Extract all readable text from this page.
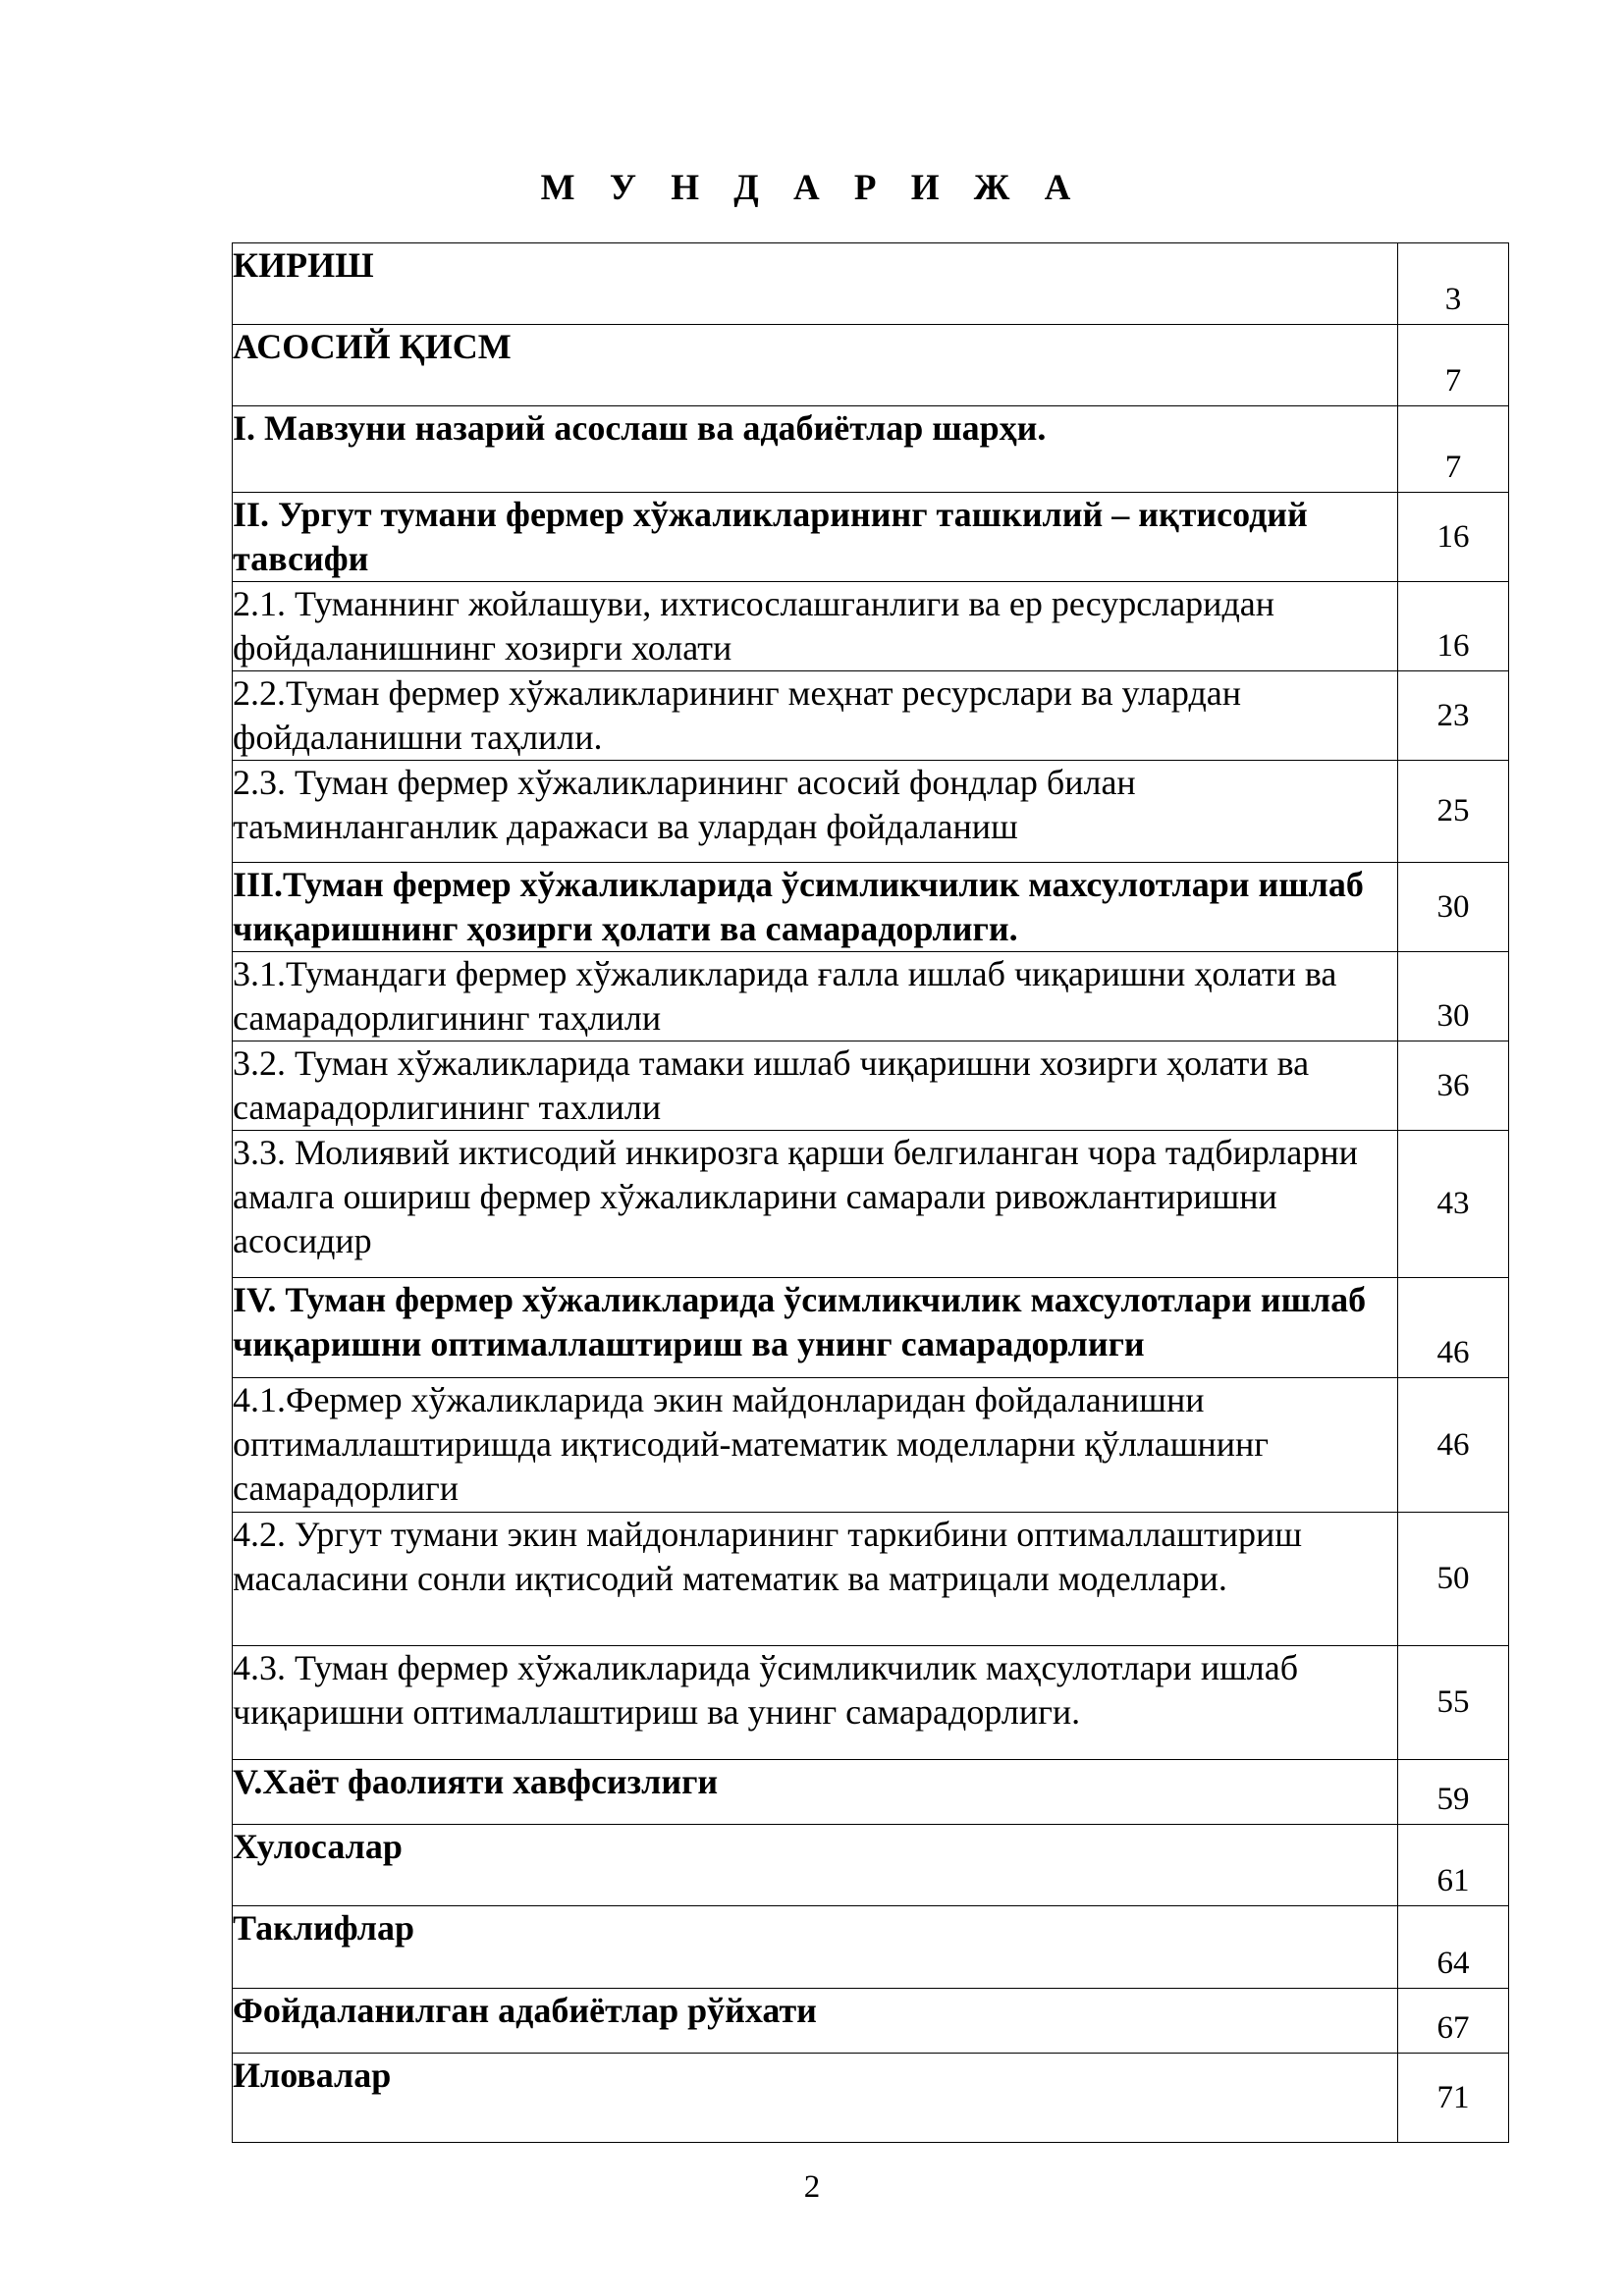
М У Н Д А Р И Ж А
КИРИШ	3
АСОСИЙ ҚИСМ	7
I. Мавзуни назарий асослаш ва адабиётлар шарҳи.	7
II. Ургут тумани фермер хўжаликларининг ташкилий – иқтисодий тавсифи	16
2.1. Туманнинг жойлашуви, ихтисослашганлиги ва ер ресурсларидан фойдаланишнинг хозирги холати	16
2.2.Туман фермер хўжаликларининг меҳнат ресурслари ва улардан фойдаланишни таҳлили.	23
2.3. Туман фермер хўжаликларининг асосий фондлар билан таъминланганлик даражаси ва улардан фойдаланиш	25
III.Туман фермер хўжаликларида ўсимликчилик махсулотлари ишлаб чиқаришнинг ҳозирги ҳолати ва самарадорлиги.	30
3.1.Тумандаги фермер хўжаликларида ғалла ишлаб чиқаришни ҳолати ва самарадорлигининг таҳлили	30
3.2. Туман хўжаликларида тамаки ишлаб чиқаришни хозирги ҳолати ва самарадорлигининг тахлили	36
3.3. Молиявий иктисодий инкирозга қарши белгиланган чора тадбирларни амалга ошириш фермер хўжаликларини самарали ривожлантиришни асосидир	43
IV. Туман фермер хўжаликларида ўсимликчилик махсулотлари ишлаб чиқаришни оптималлаштириш ва унинг самарадорлиги	46
4.1.Фермер хўжаликларида экин майдонларидан фойдаланишни оптималлаштиришда иқтисодий-математик моделларни қўллашнинг самарадорлиги	46
4.2. Ургут тумани экин майдонларининг таркибини оптималлаштириш масаласини сонли иқтисодий математик ва матрицали моделлари.	50
4.3. Туман фермер хўжаликларида ўсимликчилик маҳсулотлари ишлаб чиқаришни оптималлаштириш ва унинг самарадорлиги.	55
V.Хаёт фаолияти хавфсизлиги	59
Хулосалар	61
Таклифлар	64
Фойдаланилган адабиётлар рўйхати	67
Иловалар	71
2
